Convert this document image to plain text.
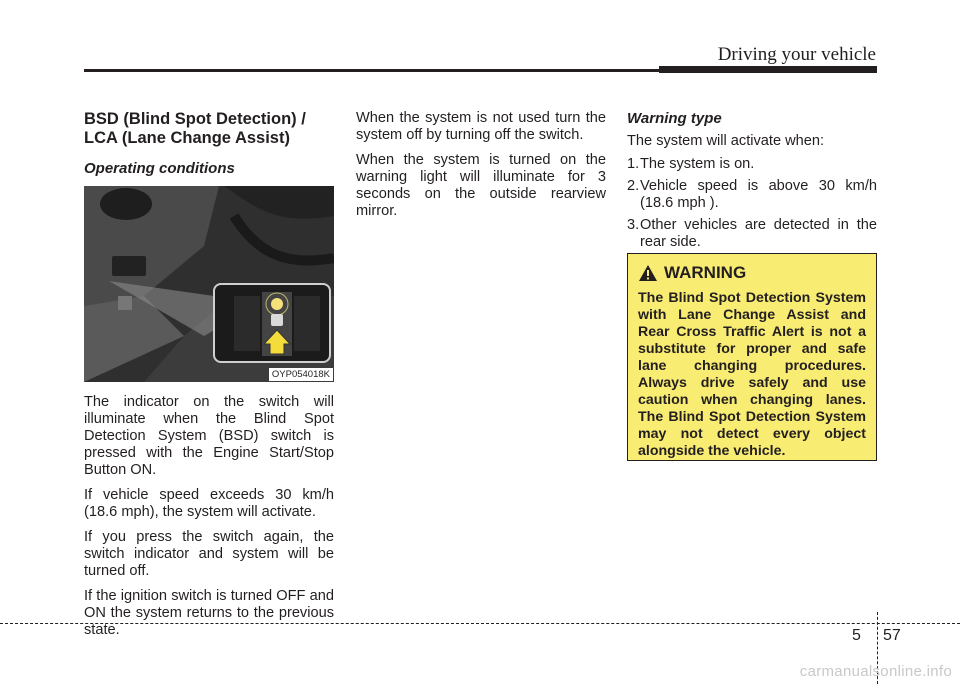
Driving your vehicle
BSD (Blind Spot Detection) / LCA (Lane Change Assist)
Operating conditions
OYP054018K

The indicator on the switch will illuminate when the Blind Spot Detection System (BSD) switch is pressed with the Engine Start/Stop Button ON.

If vehicle speed exceeds 30 km/h (18.6 mph), the system will activate.

If you press the switch again, the switch indicator and system will be turned off.

If the ignition switch is turned OFF and ON the system returns to the previous state.

When the system is not used turn the system off by turning off the switch.

When the system is turned on the warning light will illuminate for 3 seconds on the outside rearview mirror.

Warning type

The system will activate when:

1. The system is on.
2. Vehicle speed is above 30 km/h (18.6 mph ).
3. Other vehicles are detected in the rear side.
WARNING

The Blind Spot Detection System with Lane Change Assist and Rear Cross Traffic Alert is not a substitute for proper and safe lane changing procedures. Always drive safely and use caution when changing lanes. The Blind Spot Detection System may not detect every object alongside the vehicle.

5 57
carmanualsonline.info
